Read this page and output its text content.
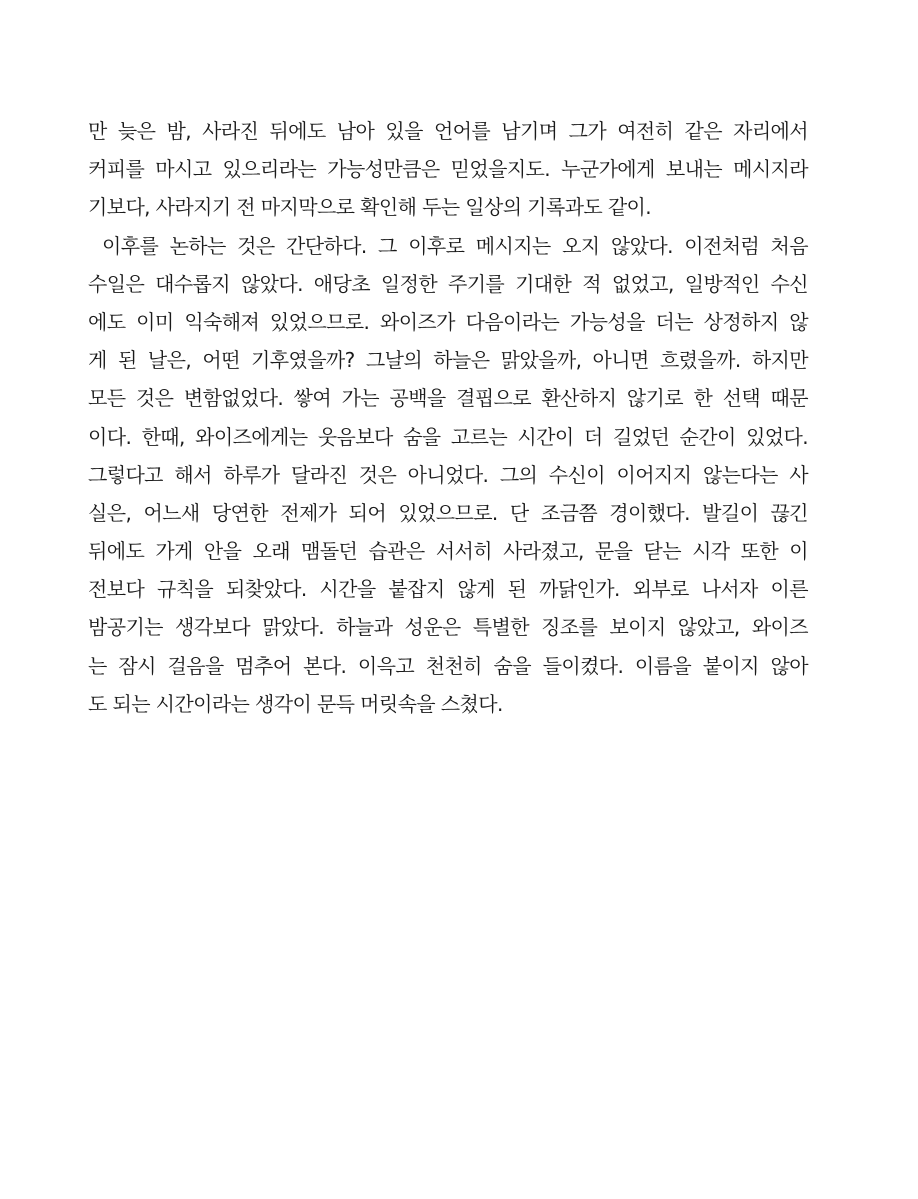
만 늦은 밤, 사라진 뒤에도 남아 있을 언어를 남기며 그가 여전히 같은 자리에서
커피를 마시고 있으리라는 가능성만큼은 믿었을지도. 누군가에게 보내는 메시지라
기보다, 사라지기 전 마지막으로 확인해 두는 일상의 기록과도 같이.
이후를 논하는 것은 간단하다. 그 이후로 메시지는 오지 않았다. 이전처럼 처음
수일은 대수롭지 않았다. 애당초 일정한 주기를 기대한 적 없었고, 일방적인 수신
에도 이미 익숙해져 있었으므로. 와이즈가 다음이라는 가능성을 더는 상정하지 않
게 된 날은, 어떤 기후였을까? 그날의 하늘은 맑았을까, 아니면 흐렸을까. 하지만
모든 것은 변함없었다. 쌓여 가는 공백을 결핍으로 환산하지 않기로 한 선택 때문
이다. 한때, 와이즈에게는 웃음보다 숨을 고르는 시간이 더 길었던 순간이 있었다.
그렇다고 해서 하루가 달라진 것은 아니었다. 그의 수신이 이어지지 않는다는 사
실은, 어느새 당연한 전제가 되어 있었으므로. 단 조금쯤 경이했다. 발길이 끊긴
뒤에도 가게 안을 오래 맴돌던 습관은 서서히 사라졌고, 문을 닫는 시각 또한 이
전보다 규칙을 되찾았다. 시간을 붙잡지 않게 된 까닭인가. 외부로 나서자 이른
밤공기는 생각보다 맑았다. 하늘과 성운은 특별한 징조를 보이지 않았고, 와이즈
는 잠시 걸음을 멈추어 본다. 이윽고 천천히 숨을 들이켰다. 이름을 붙이지 않아
도 되는 시간이라는 생각이 문득 머릿속을 스쳤다.
